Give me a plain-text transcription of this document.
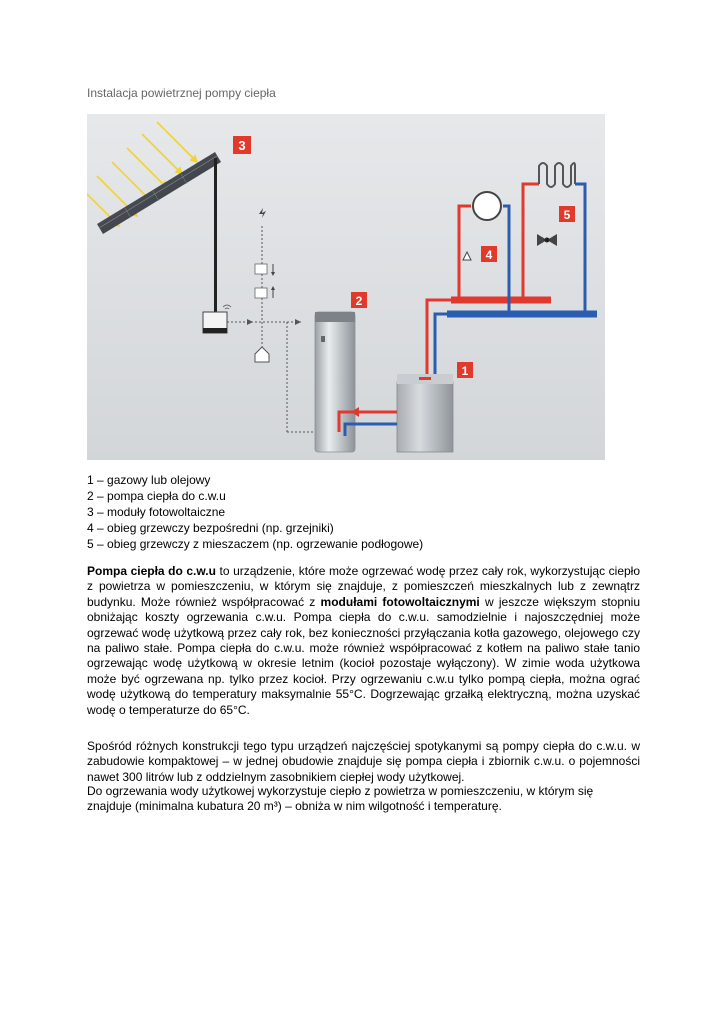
Instalacja powietrznej pompy ciepła
1
2
3
4
5
1 – gazowy lub olejowy
2 – pompa ciepła do c.w.u
3 – moduły fotowoltaiczne
4 – obieg grzewczy bezpośredni (np. grzejniki)
5 – obieg grzewczy z mieszaczem (np. ogrzewanie podłogowe)

Pompa ciepła do c.w.u to urządzenie, które może ogrzewać wodę przez cały rok, wykorzystując ciepło z powietrza w pomieszczeniu, w którym się znajduje, z pomieszczeń mieszkalnych lub z zewnątrz budynku. Może również współpracować z modułami fotowoltaicznymi w jeszcze większym stopniu obniżając koszty ogrzewania c.w.u. Pompa ciepła do c.w.u. samodzielnie i najoszczędniej może ogrzewać wodę użytkową przez cały rok, bez konieczności przyłączania kotła gazowego, olejowego czy na paliwo stałe. Pompa ciepła do c.w.u. może również współpracować z kotłem na paliwo stałe tanio ogrzewając wodę użytkową w okresie letnim (kocioł pozostaje wyłączony). W zimie woda użytkowa może być ogrzewana np. tylko przez kocioł. Przy ogrzewaniu c.w.u tylko pompą ciepła, można ograć wodę użytkową do temperatury maksymalnie 55°C. Dogrzewając grzałką elektryczną, można uzyskać wodę o temperaturze do 65°C.

Spośród różnych konstrukcji tego typu urządzeń najczęściej spotykanymi są pompy ciepła do c.w.u. w zabudowie kompaktowej – w jednej obudowie znajduje się pompa ciepła i zbiornik c.w.u. o pojemności nawet 300 litrów lub z oddzielnym zasobnikiem ciepłej wody użytkowej.

Do ogrzewania wody użytkowej wykorzystuje ciepło z powietrza w pomieszczeniu, w którym się znajduje (minimalna kubatura 20 m³) – obniża w nim wilgotność i temperaturę.
